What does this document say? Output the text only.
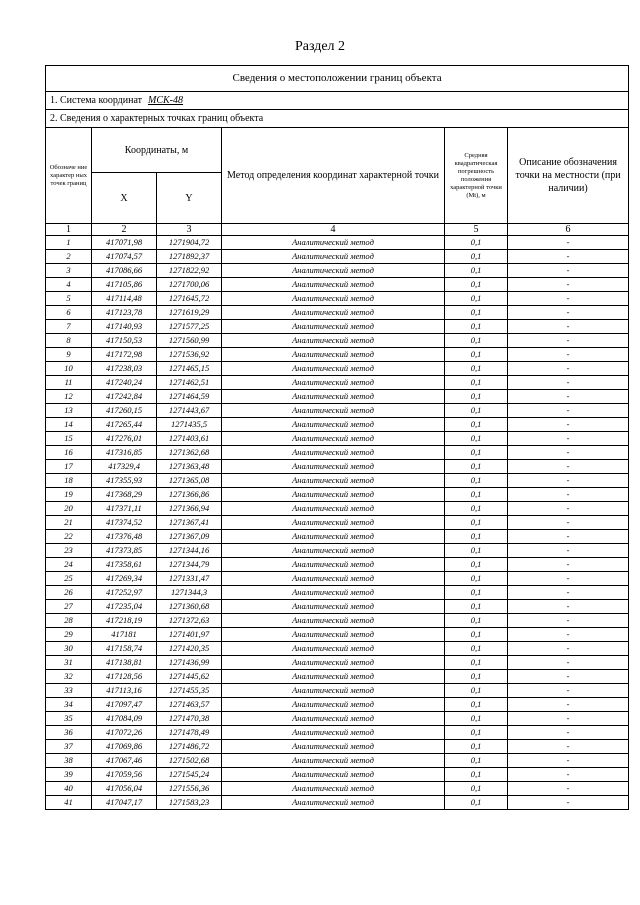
Раздел 2
Сведения о местоположении границ объекта					
1. Система координат МСК-48					
2. Сведения о характерных точках границ объекта					
Обозначе ние характер ных точек границ	Координаты, м		Метод определения координат характерной точки	Средняя квадратическая погрешность положения характерной точки (Mt), м	Описание обозначения точки на местности (при наличии)
	X	Y			
1	2	3	4	5	6
1	417071,98	1271904,72	Аналитический метод	0,1	-
2	417074,57	1271892,37	Аналитический метод	0,1	-
3	417086,66	1271822,92	Аналитический метод	0,1	-
4	417105,86	1271700,06	Аналитический метод	0,1	-
5	417114,48	1271645,72	Аналитический метод	0,1	-
6	417123,78	1271619,29	Аналитический метод	0,1	-
7	417140,93	1271577,25	Аналитический метод	0,1	-
8	417150,53	1271560,99	Аналитический метод	0,1	-
9	417172,98	1271536,92	Аналитический метод	0,1	-
10	417238,03	1271465,15	Аналитический метод	0,1	-
11	417240,24	1271462,51	Аналитический метод	0,1	-
12	417242,84	1271464,59	Аналитический метод	0,1	-
13	417260,15	1271443,67	Аналитический метод	0,1	-
14	417265,44	1271435,5	Аналитический метод	0,1	-
15	417276,01	1271403,61	Аналитический метод	0,1	-
16	417316,85	1271362,68	Аналитический метод	0,1	-
17	417329,4	1271363,48	Аналитический метод	0,1	-
18	417355,93	1271365,08	Аналитический метод	0,1	-
19	417368,29	1271366,86	Аналитический метод	0,1	-
20	417371,11	1271366,94	Аналитический метод	0,1	-
21	417374,52	1271367,41	Аналитический метод	0,1	-
22	417376,48	1271367,09	Аналитический метод	0,1	-
23	417373,85	1271344,16	Аналитический метод	0,1	-
24	417358,61	1271344,79	Аналитический метод	0,1	-
25	417269,34	1271331,47	Аналитический метод	0,1	-
26	417252,97	1271344,3	Аналитический метод	0,1	-
27	417235,04	1271360,68	Аналитический метод	0,1	-
28	417218,19	1271372,63	Аналитический метод	0,1	-
29	417181	1271401,97	Аналитический метод	0,1	-
30	417158,74	1271420,35	Аналитический метод	0,1	-
31	417138,81	1271436,99	Аналитический метод	0,1	-
32	417128,56	1271445,62	Аналитический метод	0,1	-
33	417113,16	1271455,35	Аналитический метод	0,1	-
34	417097,47	1271463,57	Аналитический метод	0,1	-
35	417084,09	1271470,38	Аналитический метод	0,1	-
36	417072,26	1271478,49	Аналитический метод	0,1	-
37	417069,86	1271486,72	Аналитический метод	0,1	-
38	417067,46	1271502,68	Аналитический метод	0,1	-
39	417059,56	1271545,24	Аналитический метод	0,1	-
40	417056,04	1271556,36	Аналитический метод	0,1	-
41	417047,17	1271583,23	Аналитический метод	0,1	-
